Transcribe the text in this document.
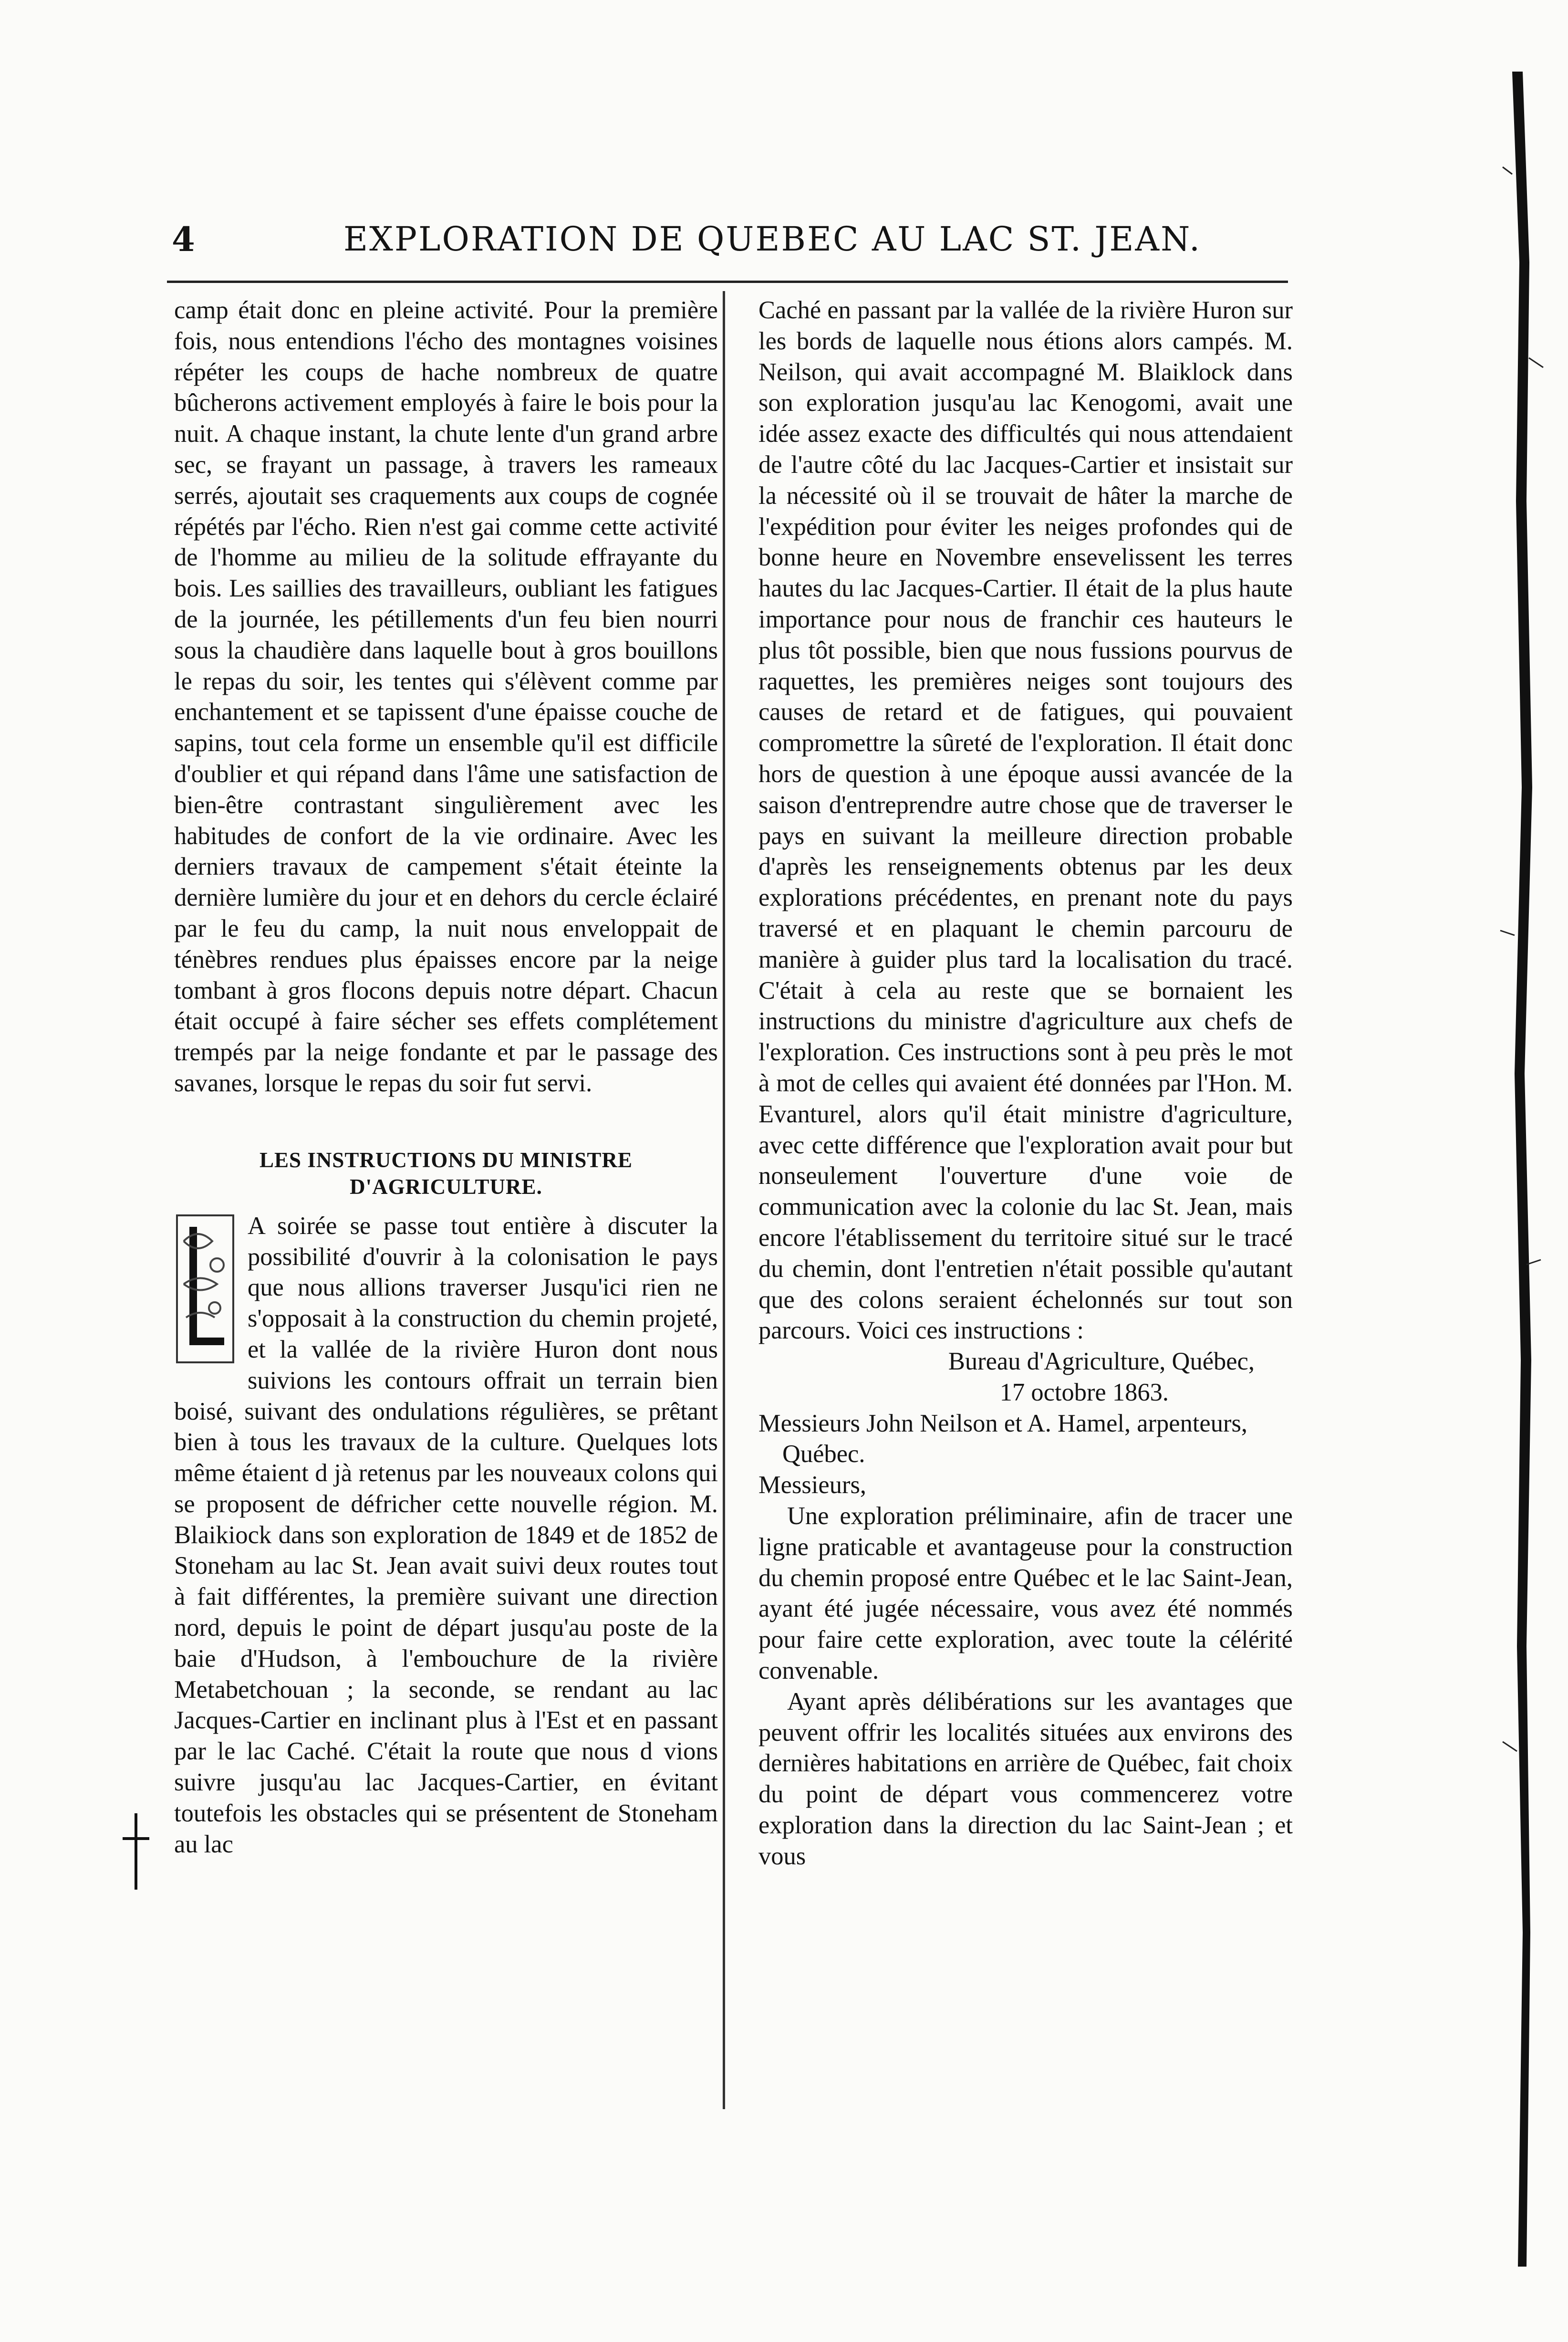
4	EXPLORATION DE QUEBEC AU LAC ST. JEAN.

camp était donc en pleine activité. Pour la première fois, nous entendions l'écho des montagnes voisines répéter les coups de hache nombreux de quatre bûcherons activement employés à faire le bois pour la nuit. A chaque instant, la chute lente d'un grand arbre sec, se frayant un passage, à travers les rameaux serrés, ajoutait ses craquements aux coups de cognée répétés par l'écho. Rien n'est gai comme cette activité de l'homme au milieu de la solitude effrayante du bois. Les saillies des travailleurs, oubliant les fatigues de la journée, les pétillements d'un feu bien nourri sous la chaudière dans laquelle bout à gros bouillons le repas du soir, les tentes qui s'élèvent comme par enchantement et se tapissent d'une épaisse couche de sapins, tout cela forme un ensemble qu'il est difficile d'oublier et qui répand dans l'âme une satisfaction de bien-être contrastant singulièrement avec les habitudes de confort de la vie ordinaire. Avec les derniers travaux de campement s'était éteinte la dernière lumière du jour et en dehors du cercle éclairé par le feu du camp, la nuit nous enveloppait de ténèbres rendues plus épaisses encore par la neige tombant à gros flocons depuis notre départ. Chacun était occupé à faire sécher ses effets complétement trempés par la neige fondante et par le passage des savanes, lorsque le repas du soir fut servi.

LES INSTRUCTIONS DU MINISTRE D'AGRICULTURE.

A soirée se passe tout entière à discuter la possibilité d'ouvrir à la colonisation le pays que nous allions traverser Jusqu'ici rien ne s'opposait à la construction du chemin projeté, et la vallée de la rivière Huron dont nous suivions les contours offrait un terrain bien boisé, suivant des ondulations régulières, se prêtant bien à tous les travaux de la culture. Quelques lots même étaient d jà retenus par les nouveaux colons qui se proposent de défricher cette nouvelle région. M. Blaikiock dans son exploration de 1849 et de 1852 de Stoneham au lac St. Jean avait suivi deux routes tout à fait différentes, la première suivant une direction nord, depuis le point de départ jusqu'au poste de la baie d'Hudson, à l'embouchure de la rivière Metabetchouan ; la seconde, se rendant au lac Jacques-Cartier en inclinant plus à l'Est et en passant par le lac Caché. C'était la route que nous d vions suivre jusqu'au lac Jacques-Cartier, en évitant toutefois les obstacles qui se présentent de Stoneham au lac

Caché en passant par la vallée de la rivière Huron sur les bords de laquelle nous étions alors campés. M. Neilson, qui avait accompagné M. Blaiklock dans son exploration jusqu'au lac Kenogomi, avait une idée assez exacte des difficultés qui nous attendaient de l'autre côté du lac Jacques-Cartier et insistait sur la nécessité où il se trouvait de hâter la marche de l'expédition pour éviter les neiges profondes qui de bonne heure en Novembre ensevelissent les terres hautes du lac Jacques-Cartier. Il était de la plus haute importance pour nous de franchir ces hauteurs le plus tôt possible, bien que nous fussions pourvus de raquettes, les premières neiges sont toujours des causes de retard et de fatigues, qui pouvaient compromettre la sûreté de l'exploration. Il était donc hors de question à une époque aussi avancée de la saison d'entreprendre autre chose que de traverser le pays en suivant la meilleure direction probable d'après les renseignements obtenus par les deux explorations précédentes, en prenant note du pays traversé et en plaquant le chemin parcouru de manière à guider plus tard la localisation du tracé. C'était à cela au reste que se bornaient les instructions du ministre d'agriculture aux chefs de l'exploration. Ces instructions sont à peu près le mot à mot de celles qui avaient été données par l'Hon. M. Evanturel, alors qu'il était ministre d'agriculture, avec cette différence que l'exploration avait pour but nonseulement l'ouverture d'une voie de communication avec la colonie du lac St. Jean, mais encore l'établissement du territoire situé sur le tracé du chemin, dont l'entretien n'était possible qu'autant que des colons seraient échelonnés sur tout son parcours. Voici ces instructions :

Bureau d'Agriculture, Québec,

17 octobre 1863.

Messieurs John Neilson et A. Hamel, arpenteurs, Québec.

Messieurs,

Une exploration préliminaire, afin de tracer une ligne praticable et avantageuse pour la construction du chemin proposé entre Québec et le lac Saint-Jean, ayant été jugée nécessaire, vous avez été nommés pour faire cette exploration, avec toute la célérité convenable.

Ayant après délibérations sur les avantages que peuvent offrir les localités situées aux environs des dernières habitations en arrière de Québec, fait choix du point de départ vous commencerez votre exploration dans la direction du lac Saint-Jean ; et vous
